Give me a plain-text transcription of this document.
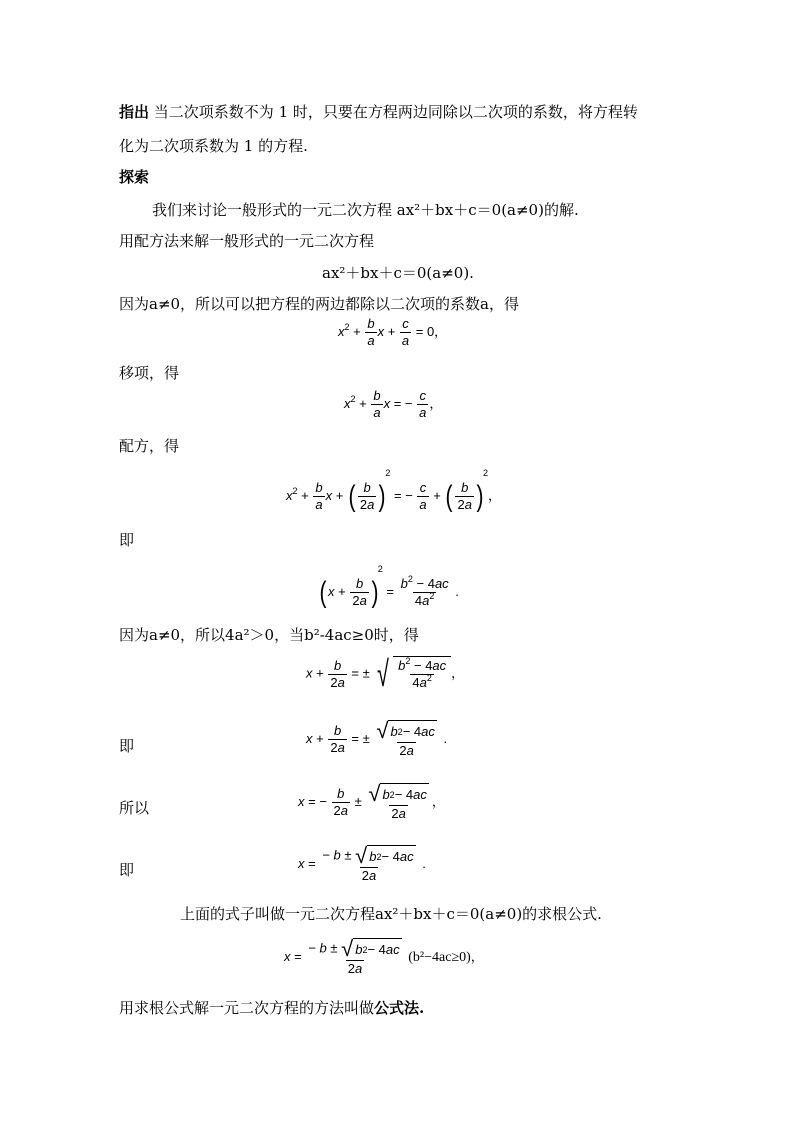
指出 当二次项系数不为 1 时，只要在方程两边同除以二次项的系数，将方程转
化为二次项系数为 1 的方程.
探索
我们来讨论一般形式的一元二次方程 ax²＋bx＋c＝0(a≠0)的解.
用配方法来解一般形式的一元二次方程
ax²＋bx＋c＝0(a≠0).
因为a≠0，所以可以把方程的两边都除以二次项的系数a，得
$x^2 + \frac{b}{a}$ $x + \frac{c}{a} = 0$，
移项，得
$x^2 + \frac{b}{a}$ x = − $\frac{c}{a}$ ，
配方，得
$x^2 + \frac{b}{a}$ x + ( $\frac{b}{2a} )^2$ = − $\frac{c}{a}$ + ( $\frac{b}{2a} )^2$，
即
( $x + \frac{b}{2a} )^2 = \frac{b^2 - 4ac}{4a^2}$ .
因为a≠0，所以4a²＞0，当b²-4ac≥0时，得
$x + \frac{b}{2a}$ = ± √ $\frac{b^2 - 4ac}{4a^2}$ ，
即	$x + \frac{b}{2a}$ = ± $\frac{√ b 2 - 4 ac}{2a}$ .
所以	x = − $\frac{b}{2a} \pm \frac{√ b 2 - 4 ac}{2a}$ ，
即	$x = \frac{- b \pm √ b 2 - 4 ac}{2a}$ .
上面的式子叫做一元二次方程ax²＋bx＋c＝0(a≠0)的求根公式.
$x = \frac{- b \pm √ b 2 - 4 ac}{2a} (b^2-4ac\ge 0)$，
用求根公式解一元二次方程的方法叫做公式法.
